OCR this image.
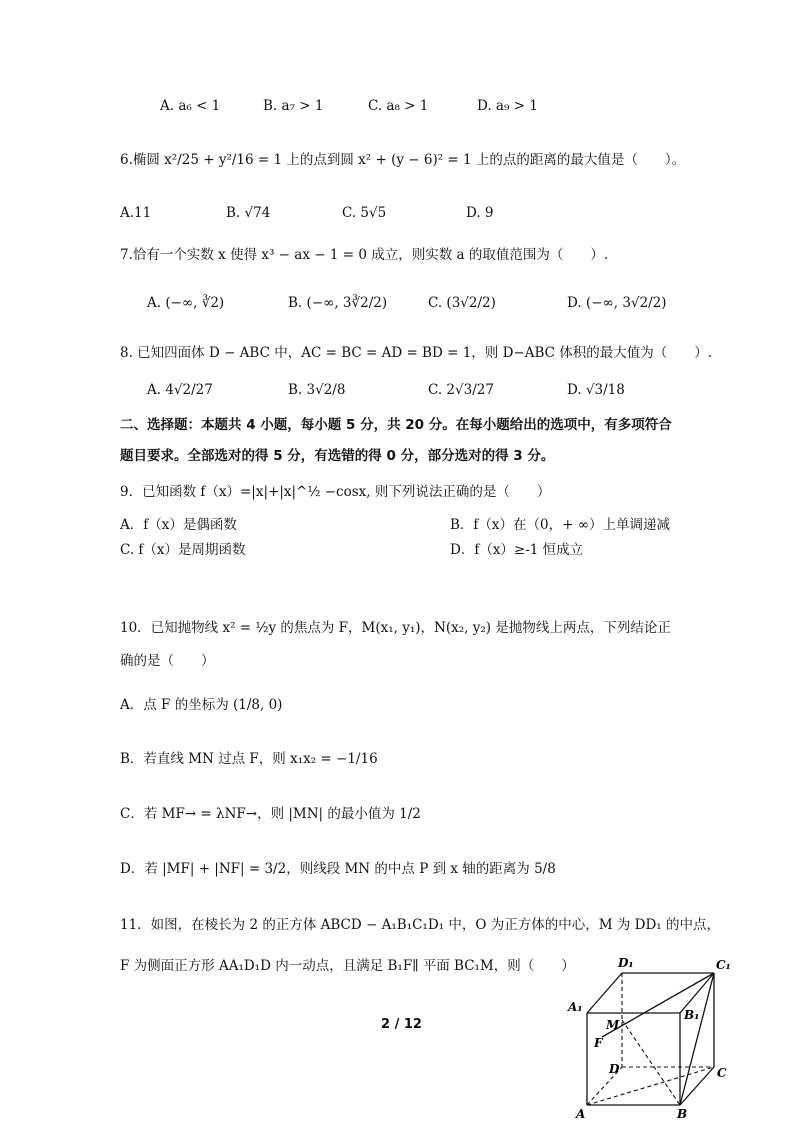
A. a₆ < 1	B. a₇ > 1	C. a₈ > 1	D. a₉ > 1
6.椭圆 x²/25 + y²/16 = 1 上的点到圆 x² + (y − 6)² = 1 上的点的距离的最大值是（　　）。
A.11	B. √74	C. 5√5	D. 9
7.恰有一个实数 x 使得 x³ − ax − 1 = 0 成立，则实数 a 的取值范围为（　　）.
A. (−∞, ∛2)	B. (−∞, 3∛2/2)	C. (3√2/2)	D. (−∞, 3√2/2)
8. 已知四面体 D − ABC 中，AC = BC = AD = BD = 1，则 D−ABC 体积的最大值为（　　）.
A. 4√2/27	B. 3√2/8	C. 2√3/27	D. √3/18
二、选择题：本题共 4 小题，每小题 5 分，共 20 分。在每小题给出的选项中，有多项符合
题目要求。全部选对的得 5 分，有选错的得 0 分，部分选对的得 3 分。
9．已知函数 f（x）=|x|+|x|^½ −cosx, 则下列说法正确的是（　　）
A．f（x）是偶函数	B．f（x）在（0，+ ∞）上单调递减
C. f（x）是周期函数	D．f（x）≥-1 恒成立
10．已知抛物线 x² = ½y 的焦点为 F，M(x₁, y₁)，N(x₂, y₂) 是抛物线上两点，下列结论正
确的是（　　）
A．点 F 的坐标为 (1/8, 0)
B．若直线 MN 过点 F，则 x₁x₂ = −1/16
C．若 MF→ = λNF→，则 |MN| 的最小值为 1/2
D．若 |MF| + |NF| = 3/2，则线段 MN 的中点 P 到 x 轴的距离为 5/8
11．如图，在棱长为 2 的正方体 ABCD − A₁B₁C₁D₁ 中，O 为正方体的中心，M 为 DD₁ 的中点，
F 为侧面正方形 AA₁D₁D 内一动点，且满足 B₁F∥ 平面 BC₁M，则（　　）
2 / 12
D₁	C₁
A₁
B₁
M
F
D	C
A	B
